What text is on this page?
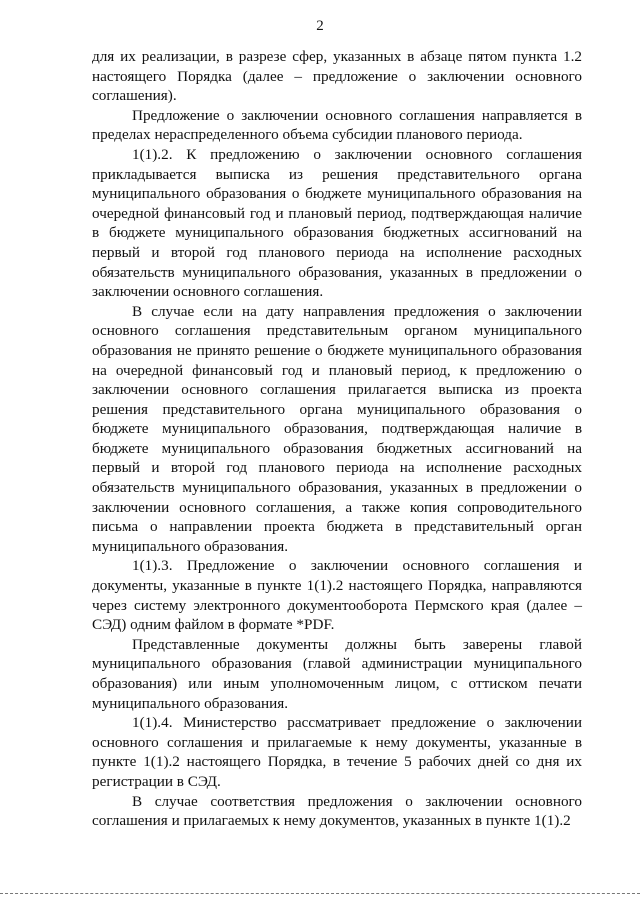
2

для их реализации, в разрезе сфер, указанных в абзаце пятом пункта 1.2 настоящего Порядка (далее – предложение о заключении основного соглашения).

Предложение о заключении основного соглашения направляется в пределах нераспределенного объема субсидии планового периода.

1(1).2. К предложению о заключении основного соглашения прикладывается выписка из решения представительного органа муниципального образования о бюджете муниципального образования на очередной финансовый год и плановый период, подтверждающая наличие в бюджете муниципального образования бюджетных ассигнований на первый и второй год планового периода на исполнение расходных обязательств муниципального образования, указанных в предложении о заключении основного соглашения.

В случае если на дату направления предложения о заключении основного соглашения представительным органом муниципального образования не принято решение о бюджете муниципального образования на очередной финансовый год и плановый период, к предложению о заключении основного соглашения прилагается выписка из проекта решения представительного органа муниципального образования о бюджете муниципального образования, подтверждающая наличие в бюджете муниципального образования бюджетных ассигнований на первый и второй год планового периода на исполнение расходных обязательств муниципального образования, указанных в предложении о заключении основного соглашения, а также копия сопроводительного письма о направлении проекта бюджета в представительный орган муниципального образования.

1(1).3. Предложение о заключении основного соглашения и документы, указанные в пункте 1(1).2 настоящего Порядка, направляются через систему электронного документооборота Пермского края (далее – СЭД) одним файлом в формате *PDF.

Представленные документы должны быть заверены главой муниципального образования (главой администрации муниципального образования) или иным уполномоченным лицом, с оттиском печати муниципального образования.

1(1).4. Министерство рассматривает предложение о заключении основного соглашения и прилагаемые к нему документы, указанные в пункте 1(1).2 настоящего Порядка, в течение 5 рабочих дней со дня их регистрации в СЭД.

В случае соответствия предложения о заключении основного соглашения и прилагаемых к нему документов, указанных в пункте 1(1).2
